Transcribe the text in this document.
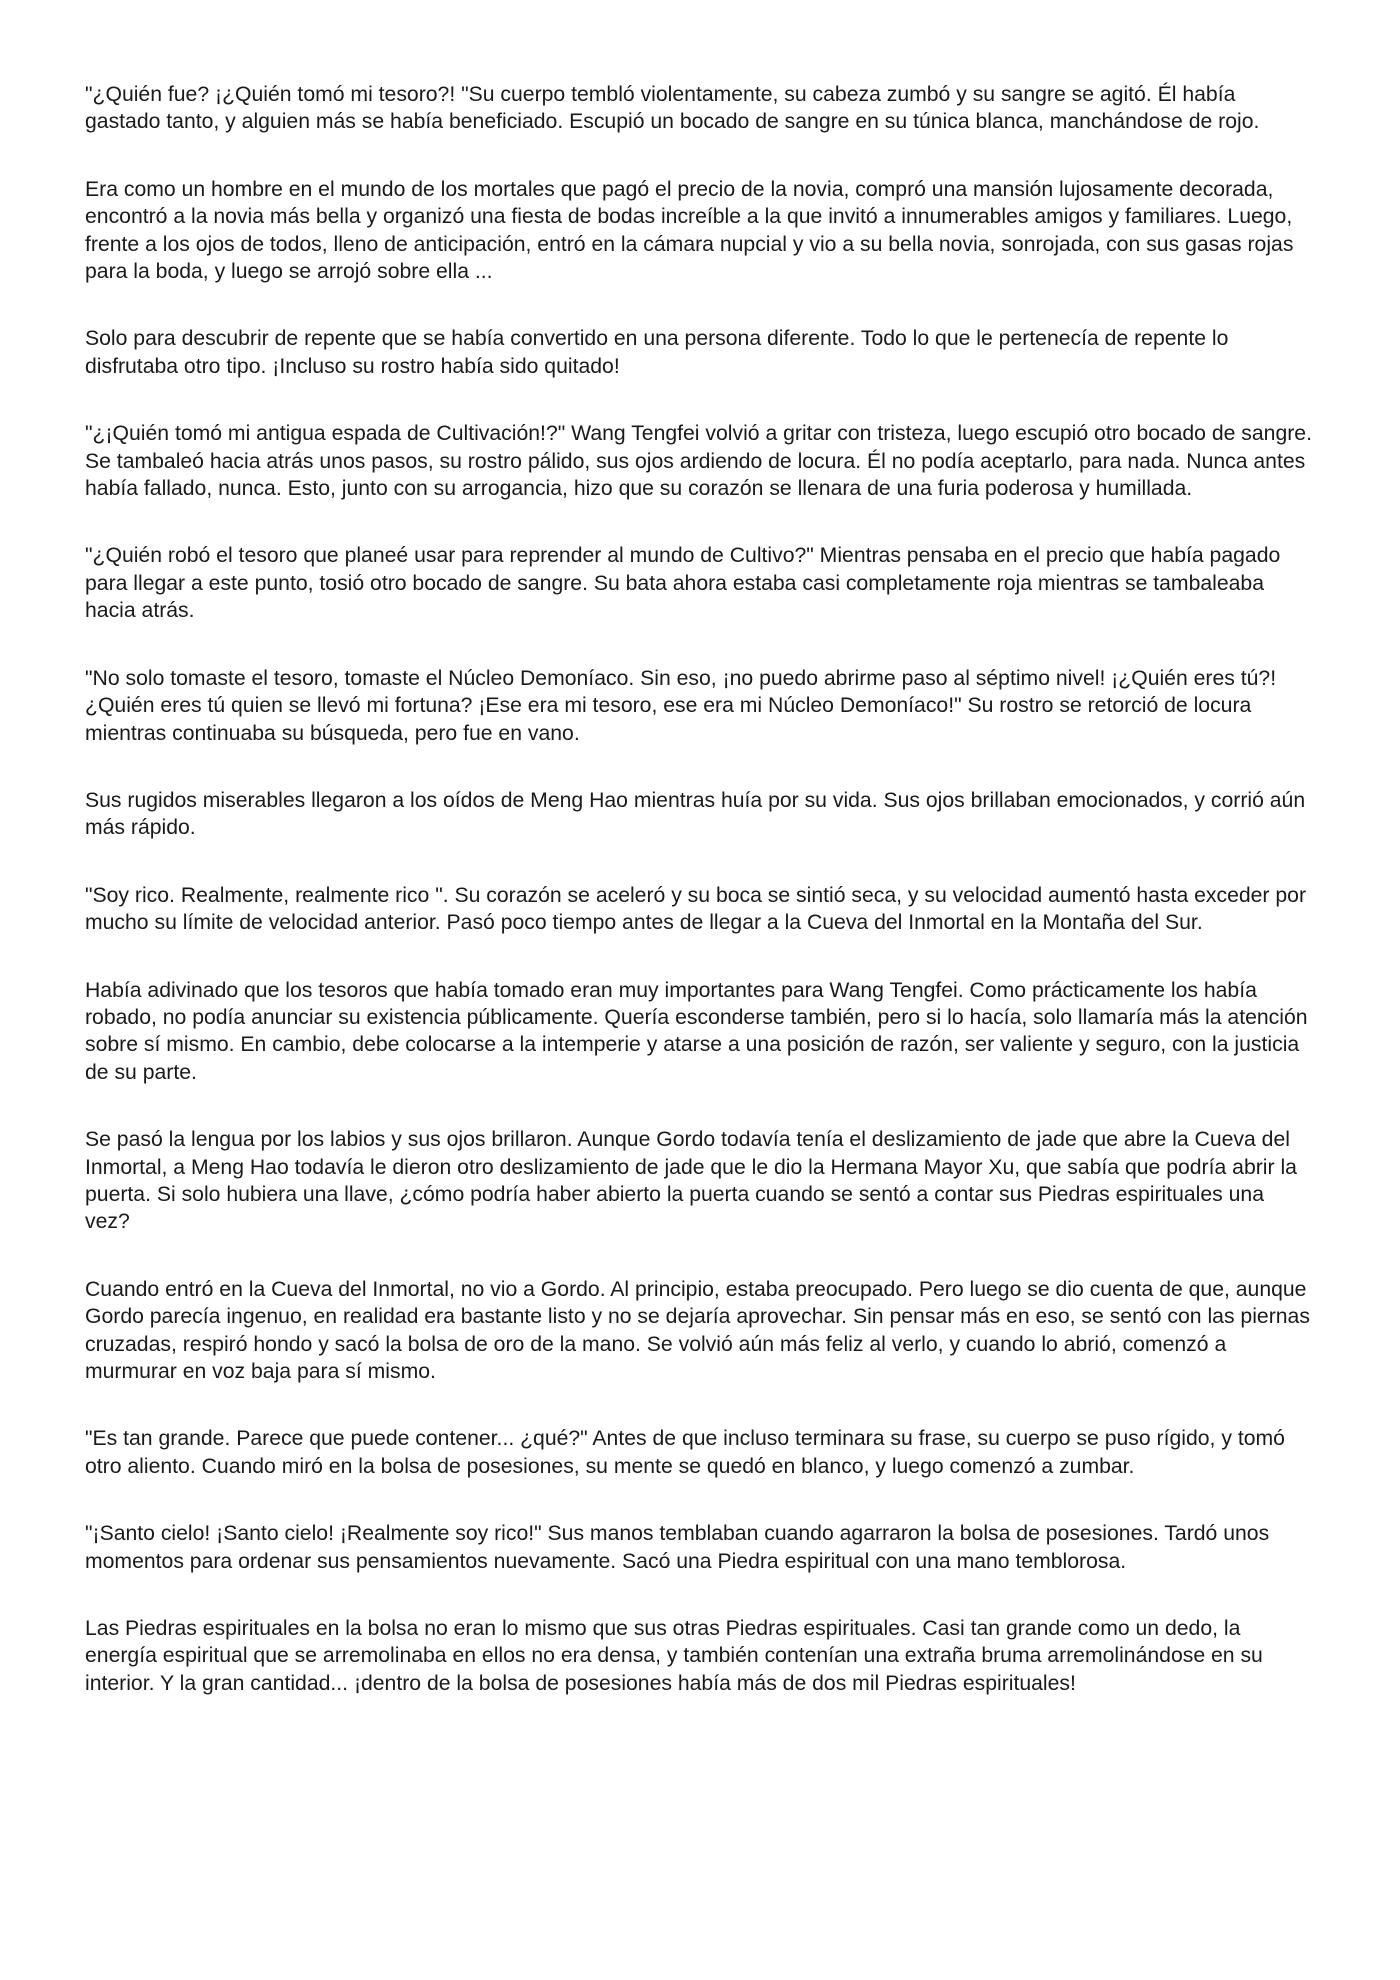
"¿Quién fue? ¡¿Quién tomó mi tesoro?! "Su cuerpo tembló violentamente, su cabeza zumbó y su sangre se agitó. Él había gastado tanto, y alguien más se había beneficiado. Escupió un bocado de sangre en su túnica blanca, manchándose de rojo.

Era como un hombre en el mundo de los mortales que pagó el precio de la novia, compró una mansión lujosamente decorada, encontró a la novia más bella y organizó una fiesta de bodas increíble a la que invitó a innumerables amigos y familiares. Luego, frente a los ojos de todos, lleno de anticipación, entró en la cámara nupcial y vio a su bella novia, sonrojada, con sus gasas rojas para la boda, y luego se arrojó sobre ella ...

Solo para descubrir de repente que se había convertido en una persona diferente. Todo lo que le pertenecía de repente lo disfrutaba otro tipo. ¡Incluso su rostro había sido quitado!

"¿¡Quién tomó mi antigua espada de Cultivación!?" Wang Tengfei volvió a gritar con tristeza, luego escupió otro bocado de sangre. Se tambaleó hacia atrás unos pasos, su rostro pálido, sus ojos ardiendo de locura. Él no podía aceptarlo, para nada. Nunca antes había fallado, nunca. Esto, junto con su arrogancia, hizo que su corazón se llenara de una furia poderosa y humillada.

"¿Quién robó el tesoro que planeé usar para reprender al mundo de Cultivo?" Mientras pensaba en el precio que había pagado para llegar a este punto, tosió otro bocado de sangre. Su bata ahora estaba casi completamente roja mientras se tambaleaba hacia atrás.

"No solo tomaste el tesoro, tomaste el Núcleo Demoníaco. Sin eso, ¡no puedo abrirme paso al séptimo nivel! ¡¿Quién eres tú?! ¿Quién eres tú quien se llevó mi fortuna? ¡Ese era mi tesoro, ese era mi Núcleo Demoníaco!" Su rostro se retorció de locura mientras continuaba su búsqueda, pero fue en vano.

Sus rugidos miserables llegaron a los oídos de Meng Hao mientras huía por su vida. Sus ojos brillaban emocionados, y corrió aún más rápido.

"Soy rico. Realmente, realmente rico ". Su corazón se aceleró y su boca se sintió seca, y su velocidad aumentó hasta exceder por mucho su límite de velocidad anterior. Pasó poco tiempo antes de llegar a la Cueva del Inmortal en la Montaña del Sur.

Había adivinado que los tesoros que había tomado eran muy importantes para Wang Tengfei. Como prácticamente los había robado, no podía anunciar su existencia públicamente. Quería esconderse también, pero si lo hacía, solo llamaría más la atención sobre sí mismo. En cambio, debe colocarse a la intemperie y atarse a una posición de razón, ser valiente y seguro, con la justicia de su parte.

Se pasó la lengua por los labios y sus ojos brillaron. Aunque Gordo todavía tenía el deslizamiento de jade que abre la Cueva del Inmortal, a Meng Hao todavía le dieron otro deslizamiento de jade que le dio la Hermana Mayor Xu, que sabía que podría abrir la puerta. Si solo hubiera una llave, ¿cómo podría haber abierto la puerta cuando se sentó a contar sus Piedras espirituales una vez?

Cuando entró en la Cueva del Inmortal, no vio a Gordo. Al principio, estaba preocupado. Pero luego se dio cuenta de que, aunque Gordo parecía ingenuo, en realidad era bastante listo y no se dejaría aprovechar. Sin pensar más en eso, se sentó con las piernas cruzadas, respiró hondo y sacó la bolsa de oro de la mano. Se volvió aún más feliz al verlo, y cuando lo abrió, comenzó a murmurar en voz baja para sí mismo.

"Es tan grande. Parece que puede contener... ¿qué?" Antes de que incluso terminara su frase, su cuerpo se puso rígido, y tomó otro aliento. Cuando miró en la bolsa de posesiones, su mente se quedó en blanco, y luego comenzó a zumbar.

"¡Santo cielo! ¡Santo cielo! ¡Realmente soy rico!" Sus manos temblaban cuando agarraron la bolsa de posesiones. Tardó unos momentos para ordenar sus pensamientos nuevamente. Sacó una Piedra espiritual con una mano temblorosa.

Las Piedras espirituales en la bolsa no eran lo mismo que sus otras Piedras espirituales. Casi tan grande como un dedo, la energía espiritual que se arremolinaba en ellos no era densa, y también contenían una extraña bruma arremolinándose en su interior. Y la gran cantidad... ¡dentro de la bolsa de posesiones había más de dos mil Piedras espirituales!
